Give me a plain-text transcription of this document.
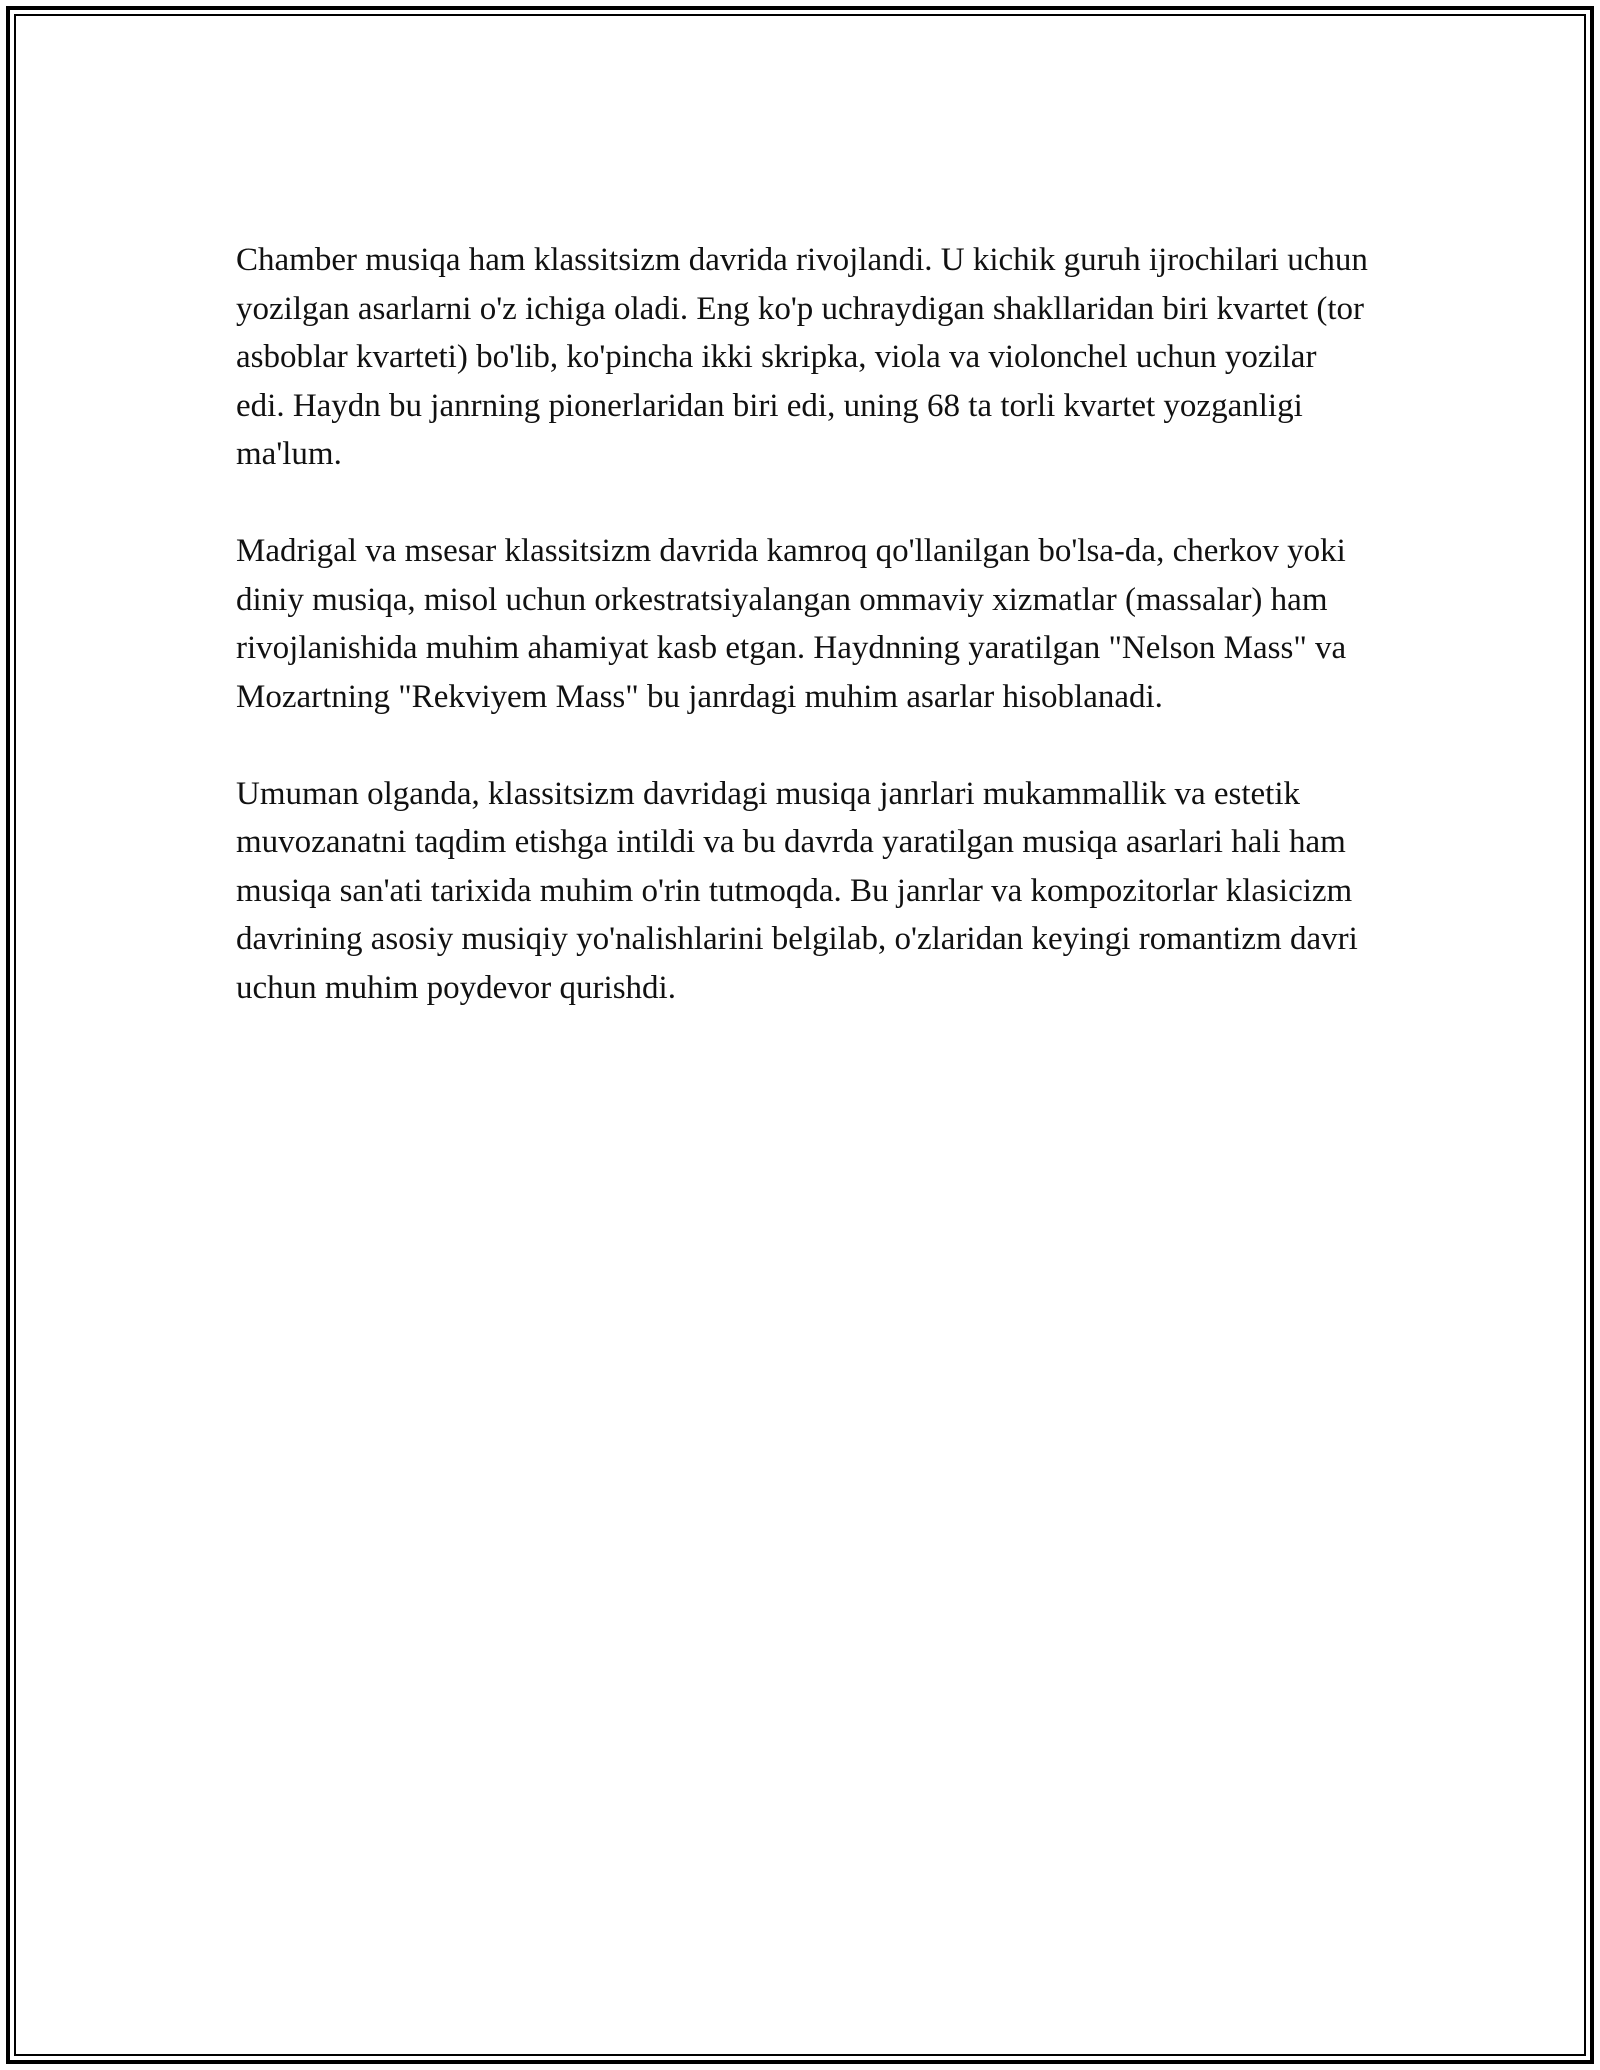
Chamber musiqa ham klassitsizm davrida rivojlandi. U kichik guruh ijrochilari uchun yozilgan asarlarni o'z ichiga oladi. Eng ko'p uchraydigan shakllaridan biri kvartet (tor asboblar kvarteti) bo'lib, ko'pincha ikki skripka, viola va violonchel uchun yozilar edi. Haydn bu janrning pionerlaridan biri edi, uning 68 ta torli kvartet yozganligi ma'lum.

Madrigal va msesar klassitsizm davrida kamroq qo'llanilgan bo'lsa-da, cherkov yoki diniy musiqa, misol uchun orkestratsiyalangan ommaviy xizmatlar (massalar) ham rivojlanishida muhim ahamiyat kasb etgan. Haydnning yaratilgan "Nelson Mass" va Mozartning "Rekviyem Mass" bu janrdagi muhim asarlar hisoblanadi.

Umuman olganda, klassitsizm davridagi musiqa janrlari mukammallik va estetik muvozanatni taqdim etishga intildi va bu davrda yaratilgan musiqa asarlari hali ham musiqa san'ati tarixida muhim o'rin tutmoqda. Bu janrlar va kompozitorlar klasicizm davrining asosiy musiqiy yo'nalishlarini belgilab, o'zlaridan keyingi romantizm davri uchun muhim poydevor qurishdi.
